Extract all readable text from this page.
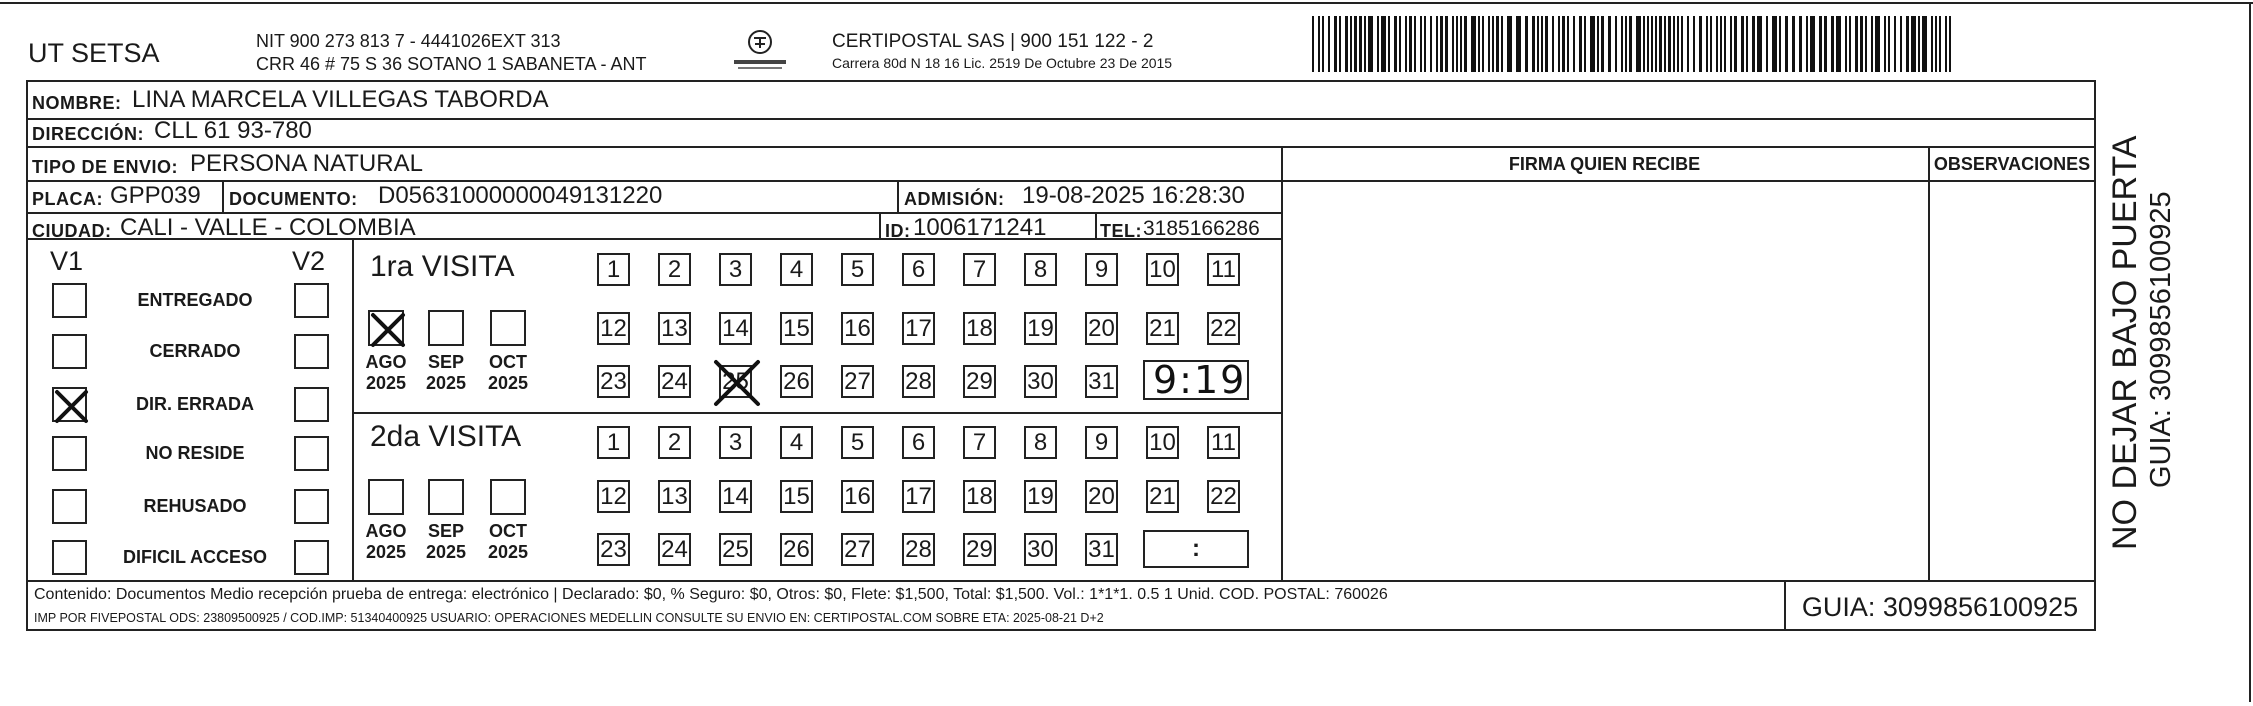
UT SETSA	NIT 900 273 813 7 - 4441026EXT 313
CRR 46 # 75 S 36 SOTANO 1 SABANETA - ANT
CERTIPOSTAL SAS | 900 151 122 - 2
Carrera 80d N 18 16 Lic. 2519 De Octubre 23 De 2015
NOMBRE: LINA MARCELA VILLEGAS TABORDA
DIRECCIÓN: CLL 61 93-780
TIPO DE ENVIO: PERSONA NATURAL	FIRMA QUIEN RECIBE	OBSERVACIONES
PLACA: GPP039 DOCUMENTO: D05631000000049131220	ADMISIÓN: 19-08-2025 16:28:30
CIUDAD: CALI - VALLE - COLOMBIA	ID: 1006171241	TEL: 3185166286
V1	V2
ENTREGADO
CERRADO
DIR. ERRADA
NO RESIDE
REHUSADO
DIFICIL ACCESO
1ra VISITA
AGO
2025
SEP
2025
OCT
2025
1	2	3	4	5	6	7	8	9	10 11
12 13 14 15 16 17 18 19 20 21 22
23 24 25 26 27 28 29 30 31 9:19
2da VISITA
AGO
2025
SEP
2025
OCT
2025
1	2	3	4	5	6	7	8	9	10 11
12 13 14 15 16 17 18 19 20 21 22
23 24 25 26 27 28 29 30 31	:
Contenido: Documentos Medio recepción prueba de entrega: electrónico | Declarado: $0, % Seguro: $0, Otros: $0, Flete: $1,500, Total: $1,500. Vol.: 1*1*1. 0.5 1 Unid. COD. POSTAL: 760026
IMP POR FIVEPOSTAL ODS: 23809500925 / COD.IMP: 51340400925 USUARIO: OPERACIONES MEDELLIN CONSULTE SU ENVIO EN: CERTIPOSTAL.COM SOBRE ETA: 2025-08-21 D+2	GUIA: 3099856100925
NO DEJAR BAJO PUERTA GUIA: 3099856100925
